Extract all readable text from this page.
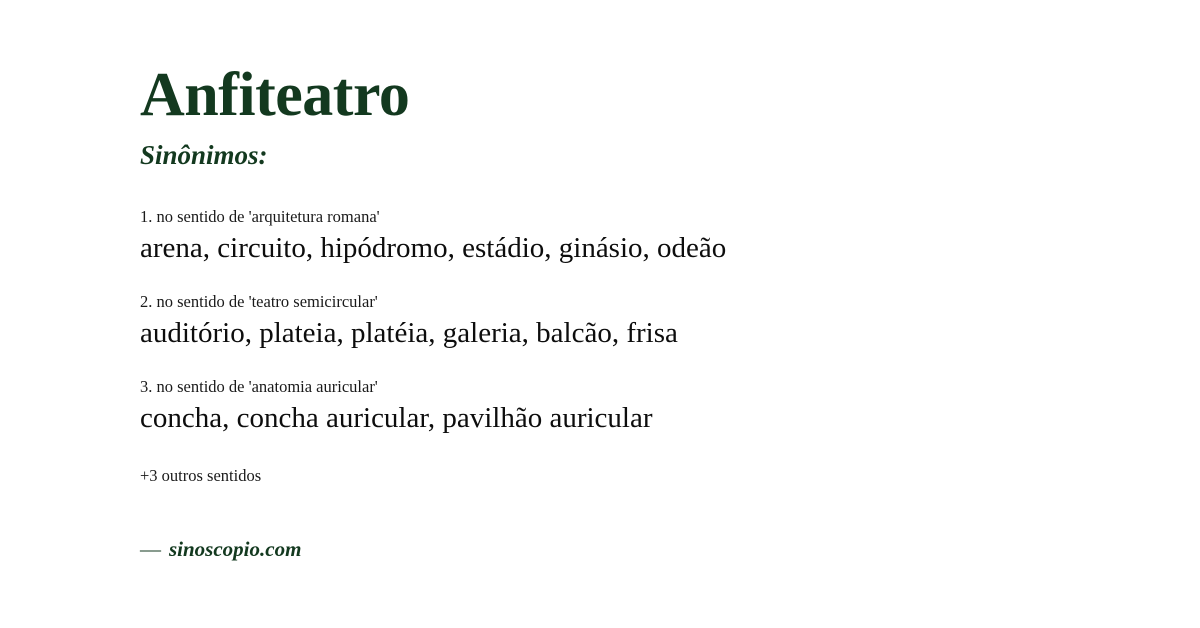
Anfiteatro
Sinônimos:

1. no sentido de 'arquitetura romana'

arena, circuito, hipódromo, estádio, ginásio, odeão

2. no sentido de 'teatro semicircular'

auditório, plateia, platéia, galeria, balcão, frisa

3. no sentido de 'anatomia auricular'

concha, concha auricular, pavilhão auricular

+3 outros sentidos
— sinoscopio.com
